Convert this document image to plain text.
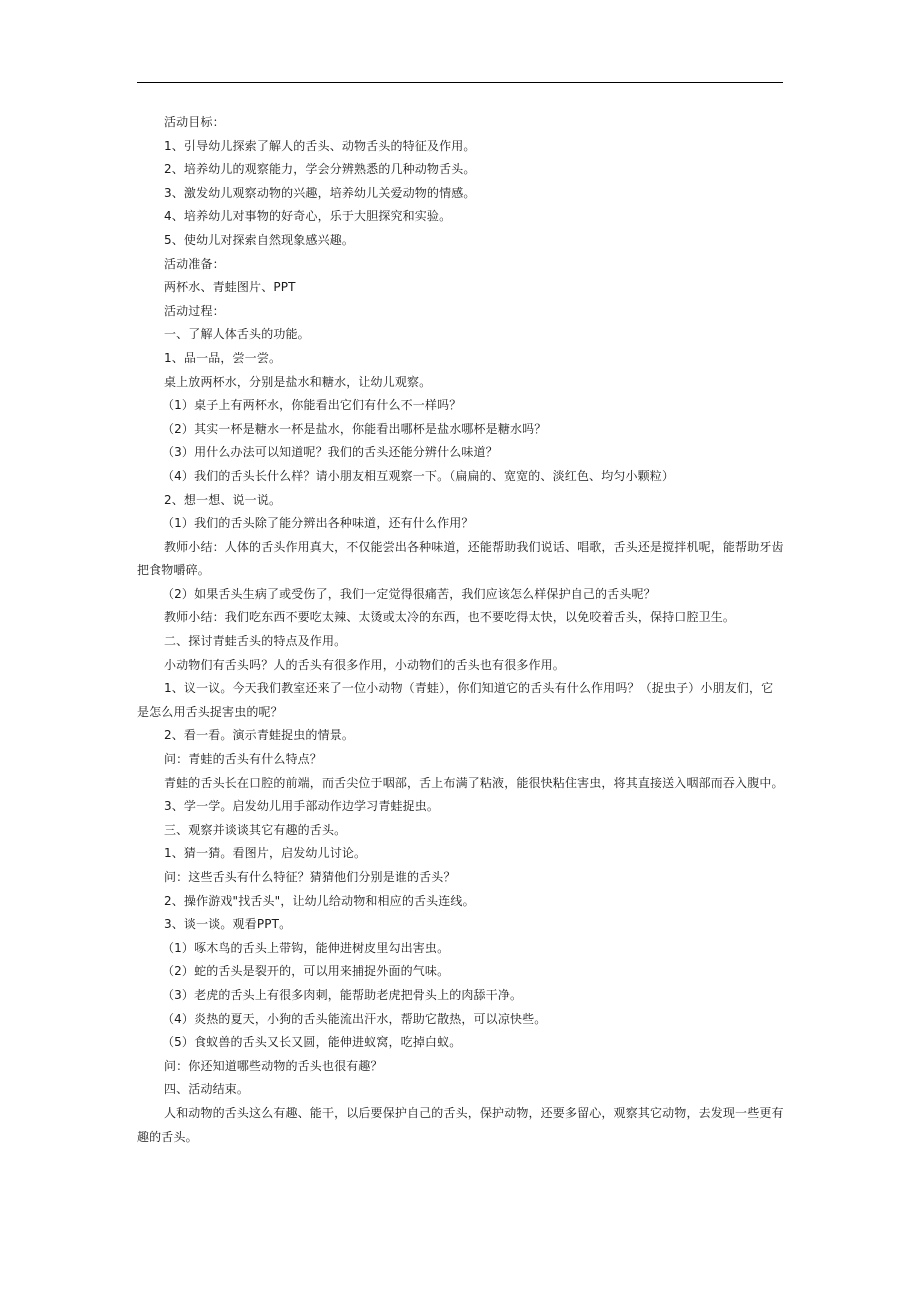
活动目标：
1、引导幼儿探索了解人的舌头、动物舌头的特征及作用。
2、培养幼儿的观察能力，学会分辨熟悉的几种动物舌头。
3、激发幼儿观察动物的兴趣，培养幼儿关爱动物的情感。
4、培养幼儿对事物的好奇心，乐于大胆探究和实验。
5、使幼儿对探索自然现象感兴趣。
活动准备：
两杯水、青蛙图片、PPT
活动过程：
一、了解人体舌头的功能。
1、品一品，尝一尝。
桌上放两杯水，分别是盐水和糖水，让幼儿观察。
（1）桌子上有两杯水，你能看出它们有什么不一样吗？
（2）其实一杯是糖水一杯是盐水，你能看出哪杯是盐水哪杯是糖水吗？
（3）用什么办法可以知道呢？我们的舌头还能分辨什么味道？
（4）我们的舌头长什么样？请小朋友相互观察一下。（扁扁的、宽宽的、淡红色、均匀小颗粒）
2、想一想、说一说。
（1）我们的舌头除了能分辨出各种味道，还有什么作用？
教师小结：人体的舌头作用真大，不仅能尝出各种味道，还能帮助我们说话、唱歌，舌头还是搅拌机呢，能帮助牙齿把食物嚼碎。
（2）如果舌头生病了或受伤了，我们一定觉得很痛苦，我们应该怎么样保护自己的舌头呢？
教师小结：我们吃东西不要吃太辣、太烫或太冷的东西，也不要吃得太快，以免咬着舌头，保持口腔卫生。
二、探讨青蛙舌头的特点及作用。
小动物们有舌头吗？人的舌头有很多作用，小动物们的舌头也有很多作用。
1、议一议。今天我们教室还来了一位小动物（青蛙），你们知道它的舌头有什么作用吗？（捉虫子）小朋友们，它是怎么用舌头捉害虫的呢？
2、看一看。演示青蛙捉虫的情景。
问：青蛙的舌头有什么特点？
青蛙的舌头长在口腔的前端，而舌尖位于咽部，舌上布满了粘液，能很快粘住害虫，将其直接送入咽部而吞入腹中。
3、学一学。启发幼儿用手部动作边学习青蛙捉虫。
三、观察并谈谈其它有趣的舌头。
1、猜一猜。看图片，启发幼儿讨论。
问：这些舌头有什么特征？猜猜他们分别是谁的舌头？
2、操作游戏"找舌头"，让幼儿给动物和相应的舌头连线。
3、谈一谈。观看PPT。
（1）啄木鸟的舌头上带钩，能伸进树皮里勾出害虫。
（2）蛇的舌头是裂开的，可以用来捕捉外面的气味。
（3）老虎的舌头上有很多肉刺，能帮助老虎把骨头上的肉舔干净。
（4）炎热的夏天，小狗的舌头能流出汗水，帮助它散热，可以凉快些。
（5）食蚁兽的舌头又长又圆，能伸进蚁窝，吃掉白蚁。
问：你还知道哪些动物的舌头也很有趣？
四、活动结束。
人和动物的舌头这么有趣、能干，以后要保护自己的舌头，保护动物，还要多留心，观察其它动物，去发现一些更有趣的舌头。
